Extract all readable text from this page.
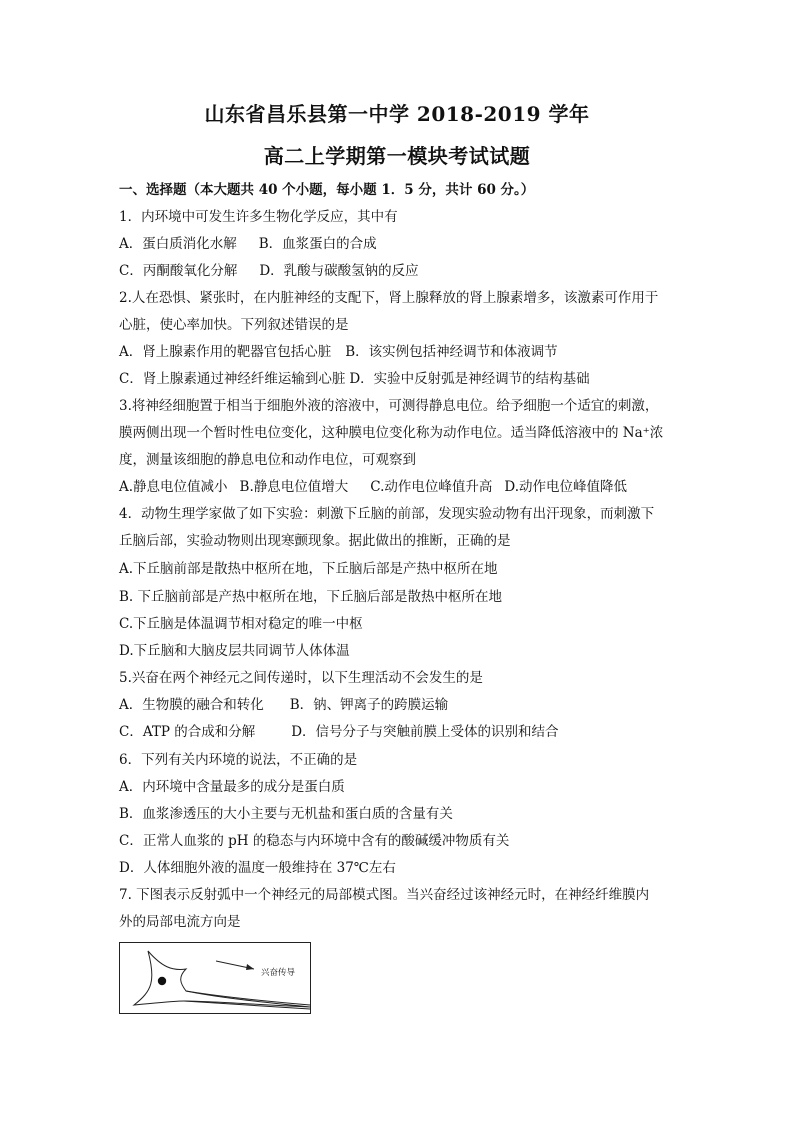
山东省昌乐县第一中学 2018-2019 学年
高二上学期第一模块考试试题
一、选择题（本大题共 40 个小题，每小题 1．5 分，共计 60 分。）
1．内环境中可发生许多生物化学反应，其中有
A．蛋白质消化水解 B．血浆蛋白的合成
C．丙酮酸氧化分解 D．乳酸与碳酸氢钠的反应
2.人在恐惧、紧张时，在内脏神经的支配下，肾上腺释放的肾上腺素增多，该激素可作用于
心脏，使心率加快。下列叙述错误的是
A．肾上腺素作用的靶器官包括心脏 B．该实例包括神经调节和体液调节
C．肾上腺素通过神经纤维运输到心脏 D．实验中反射弧是神经调节的结构基础
3.将神经细胞置于相当于细胞外液的溶液中，可测得静息电位。给予细胞一个适宜的刺激，
膜两侧出现一个暂时性电位变化，这种膜电位变化称为动作电位。适当降低溶液中的 Na⁺浓
度，测量该细胞的静息电位和动作电位，可观察到
A.静息电位值减小 B.静息电位值增大 C.动作电位峰值升高 D.动作电位峰值降低
4．动物生理学家做了如下实验：刺激下丘脑的前部，发现实验动物有出汗现象，而刺激下
丘脑后部，实验动物则出现寒颤现象。据此做出的推断，正确的是
A.下丘脑前部是散热中枢所在地，下丘脑后部是产热中枢所在地
B. 下丘脑前部是产热中枢所在地，下丘脑后部是散热中枢所在地
C.下丘脑是体温调节相对稳定的唯一中枢
D.下丘脑和大脑皮层共同调节人体体温
5.兴奋在两个神经元之间传递时，以下生理活动不会发生的是
A．生物膜的融合和转化 B．钠、钾离子的跨膜运输
C．ATP 的合成和分解	D．信号分子与突触前膜上受体的识别和结合
6．下列有关内环境的说法，不正确的是
A．内环境中含量最多的成分是蛋白质
B．血浆渗透压的大小主要与无机盐和蛋白质的含量有关
C．正常人血浆的 pH 的稳态与内环境中含有的酸碱缓冲物质有关
D．人体细胞外液的温度一般维持在 37℃左右
7. 下图表示反射弧中一个神经元的局部模式图。当兴奋经过该神经元时，在神经纤维膜内
外的局部电流方向是
兴奋传导
